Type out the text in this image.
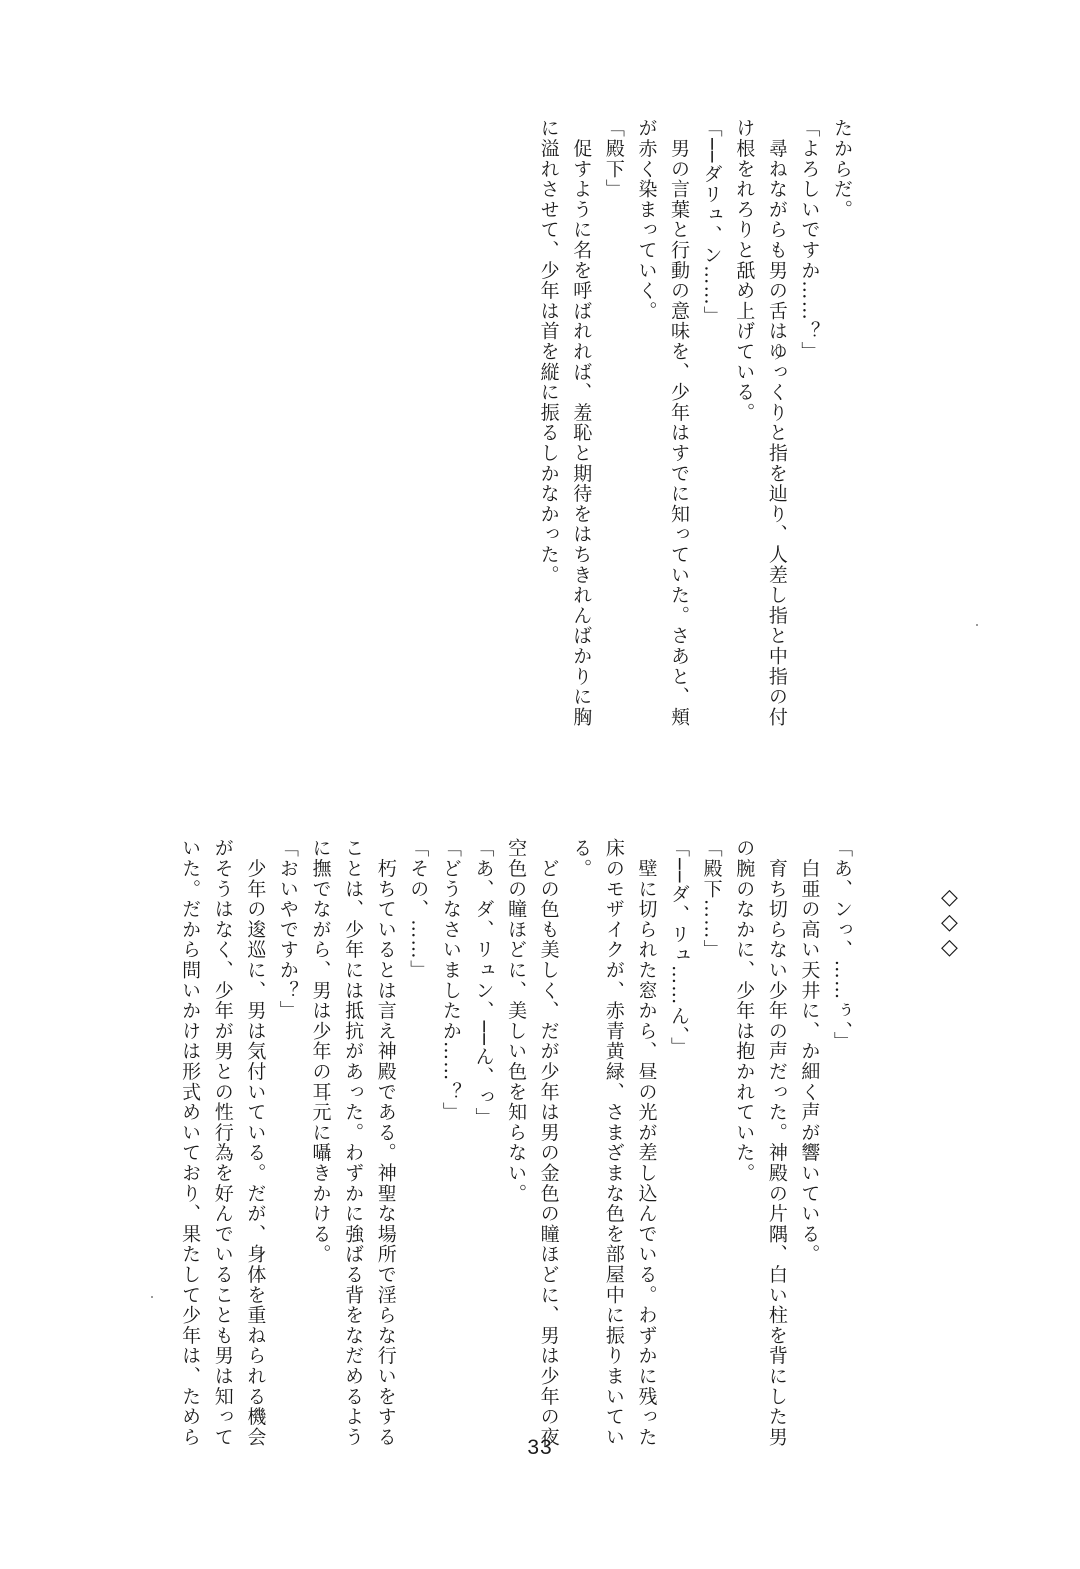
たからだ。

「よろしいですか……？」

　尋ねながらも男の舌はゆっくりと指を辿り、人差し指と中指の付

け根をれろりと舐め上げている。

「──ダリュ、ン……」

　男の言葉と行動の意味を、少年はすでに知っていた。さあと、頬

が赤く染まっていく。

「殿下」

　促すように名を呼ばれれば、羞恥と期待をはちきれんばかりに胸

に溢れさせて、少年は首を縦に振るしかなかった。

◇◇◇

「あ、ンっ、……ぅ、」

　白亜の高い天井に、か細く声が響いている。

　育ち切らない少年の声だった。神殿の片隅、白い柱を背にした男

の腕のなかに、少年は抱かれていた。

「殿下……」

「──ダ、リュ……ん、」

　壁に切られた窓から、昼の光が差し込んでいる。わずかに残った

床のモザイクが、赤青黄緑、さまざまな色を部屋中に振りまいてい

る。

　どの色も美しく、だが少年は男の金色の瞳ほどに、男は少年の夜

空色の瞳ほどに、美しい色を知らない。

「あ、ダ、リュン、──ん、っ」

「どうなさいましたか……？」

「その、……」

　朽ちているとは言え神殿である。神聖な場所で淫らな行いをする

ことは、少年には抵抗があった。わずかに強ばる背をなだめるよう

に撫でながら、男は少年の耳元に囁きかける。

「おいやですか？」

　少年の逡巡に、男は気付いている。だが、身体を重ねられる機会

がそうはなく、少年が男との性行為を好んでいることも男は知って

いた。だから問いかけは形式めいており、果たして少年は、ためら

33
